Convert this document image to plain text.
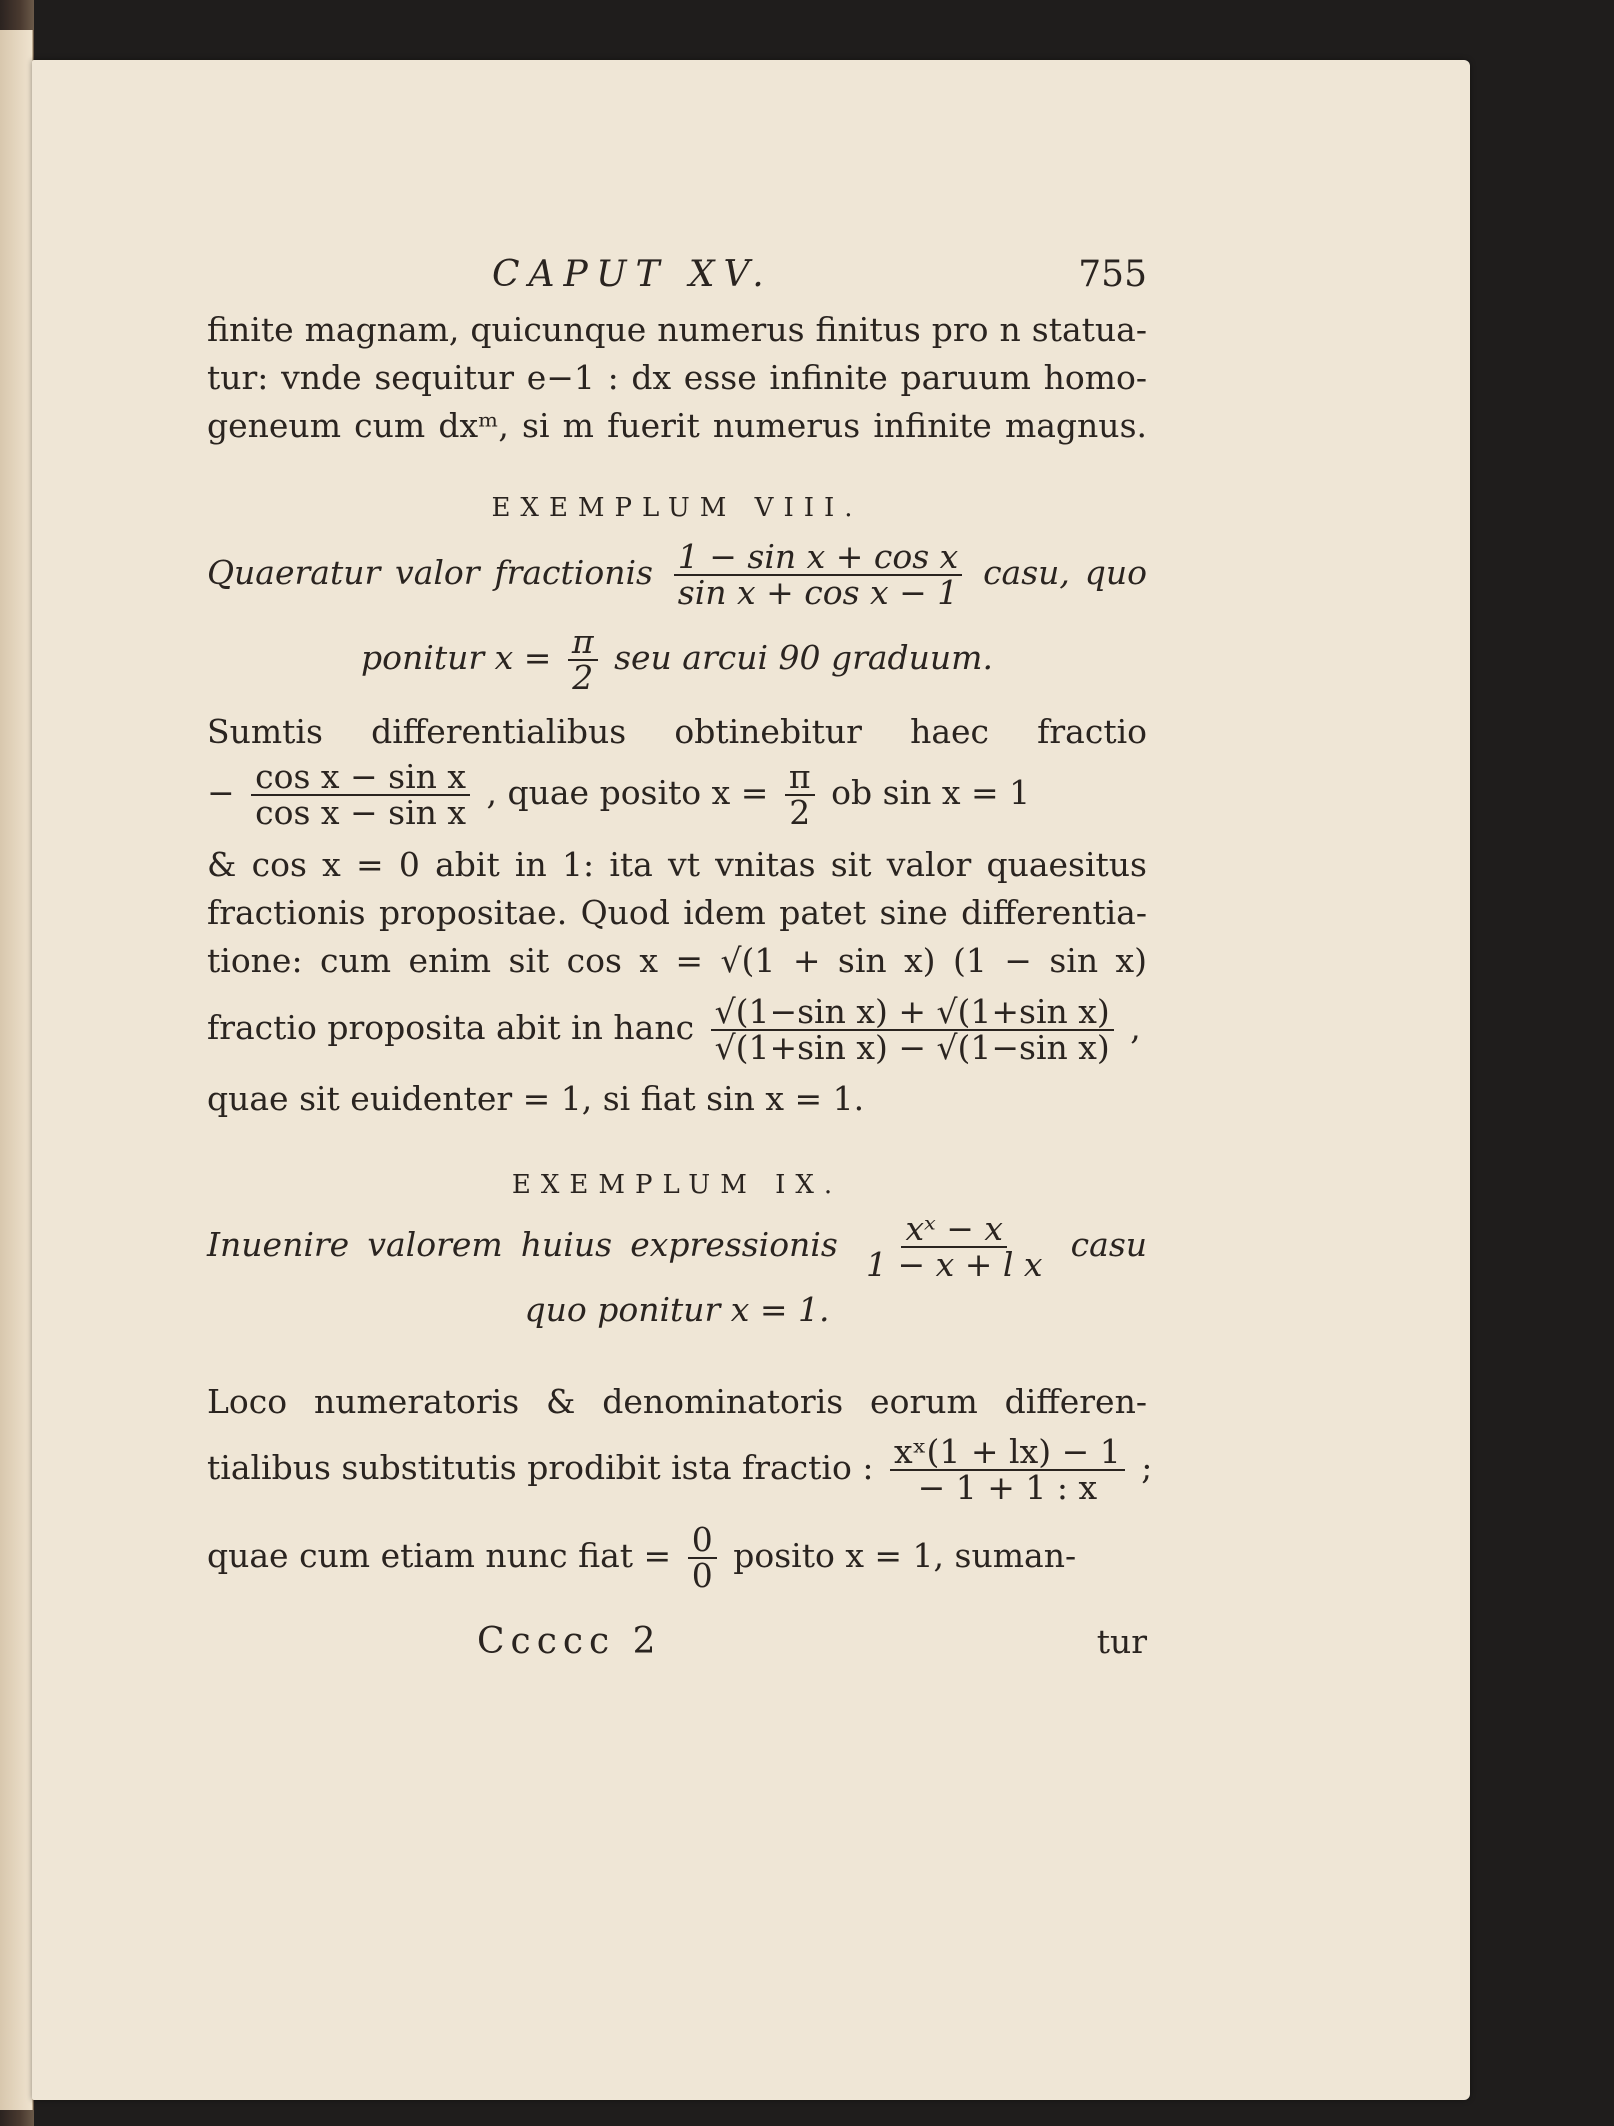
CAPUT XV.	755
finite magnam, quicunque numerus finitus pro n statua-
tur: vnde sequitur e−1 : dx esse infinite paruum homo-
geneum cum dxᵐ, si m fuerit numerus infinite magnus.
EXEMPLUM VIII.
Quaeratur valor fractionis $\frac{\text{1 − sin x + cos x}}{\text{sin x + cos x − 1}}$ casu, quo
ponitur $x = \frac{\pi}{2}$ seu arcui 90 graduum.
Sumtis differentialibus obtinebitur haec fractio
− $\frac{\text{cos x − sin x}}{\text{cos x − sin x}}$ , quae posito $x = \frac{\pi}{2}$ ob sin x = 1
& cos x = 0 abit in 1: ita vt vnitas sit valor quaesitus
fractionis propositae. Quod idem patet sine differentia-
tione: cum enim sit cos x = √(1 + sin x) (1 − sin x)
fractio proposita abit in hanc $\frac{\text{√(1−sin x) + √(1+sin x)}}{\text{√(1+sin x) − √(1−sin x)}}$ ,
quae sit euidenter = 1, si fiat sin x = 1.
EXEMPLUM IX.
Inuenire valorem huius expressionis $\frac{\text{xˣ − x}}{\text{1 − x + l x}}$ casu
quo ponitur x = 1.
Loco numeratoris & denominatoris eorum differen-
tialibus substitutis prodibit ista fractio : $\frac{\text{xˣ(1 + lx) − 1}}{- 1 + 1 : x}$ ;
quae cum etiam nunc fiat = $\frac{0}{0}$ posito x = 1, suman-
Ccccc 2	tur
